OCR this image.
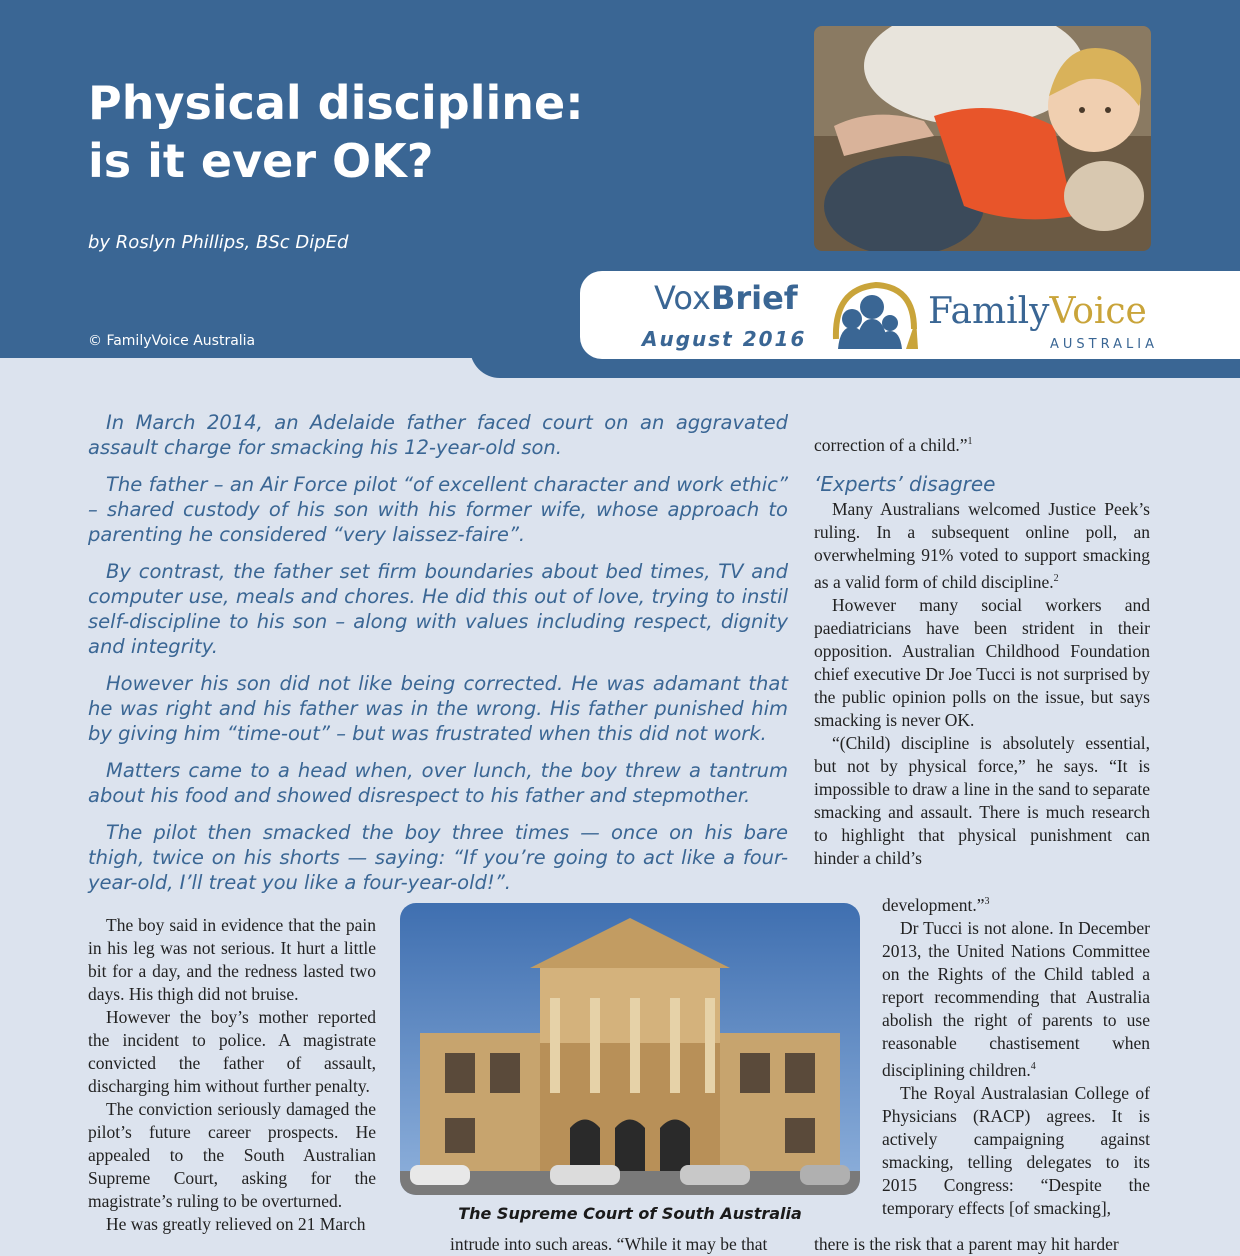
Physical discipline:
is it ever OK?
by Roslyn Phillips, BSc DipEd
© FamilyVoice Australia
VoxBrief
August 2016
FamilyVoice
AUSTRALIA

In March 2014, an Adelaide father faced court on an aggravated assault charge for smacking his 12-year-old son.

The father – an Air Force pilot “of excellent character and work ethic” – shared custody of his son with his former wife, whose approach to parenting he considered “very laissez-faire”.

By contrast, the father set firm boundaries about bed times, TV and computer use, meals and chores. He did this out of love, trying to instil self-discipline to his son – along with values including respect, dignity and integrity.

However his son did not like being corrected. He was adamant that he was right and his father was in the wrong. His father punished him by giving him “time-out” – but was frustrated when this did not work.

Matters came to a head when, over lunch, the boy threw a tantrum about his food and showed disrespect to his father and stepmother.

The pilot then smacked the boy three times — once on his bare thigh, twice on his shorts — saying: “If you’re going to act like a four-year-old, I’ll treat you like a four-year-old!”.

The boy said in evidence that the pain in his leg was not serious. It hurt a little bit for a day, and the redness lasted two days. His thigh did not bruise.

However the boy’s mother reported the incident to police. A magistrate convicted the father of assault, discharging him without further penalty.

The conviction seriously damaged the pilot’s future career prospects. He appealed to the South Australian Supreme Court, asking for the magistrate’s ruling to be overturned.

He was greatly relieved on 21 March

The Supreme Court of South Australia
intrude into such areas. “While it may be that

correction of a child.”$^1$

‘Experts’ disagree

Many Australians welcomed Justice Peek’s ruling. In a subsequent online poll, an overwhelming 91% voted to support smacking as a valid form of child discipline.$^2$

However many social workers and paediatricians have been strident in their opposition. Australian Childhood Foundation chief executive Dr Joe Tucci is not surprised by the public opinion polls on the issue, but says smacking is never OK.

“(Child) discipline is absolutely essential, but not by physical force,” he says. “It is impossible to draw a line in the sand to separate smacking and assault. There is much research to highlight that physical punishment can hinder a child’s

development.”$^3$

Dr Tucci is not alone. In December 2013, the United Nations Committee on the Rights of the Child tabled a report recommending that Australia abolish the right of parents to use reasonable chastisement when disciplining children.$^4$

The Royal Australasian College of Physicians (RACP) agrees. It is actively campaigning against smacking, telling delegates to its 2015 Congress: “Despite the temporary effects [of smacking],

there is the risk that a parent may hit harder
